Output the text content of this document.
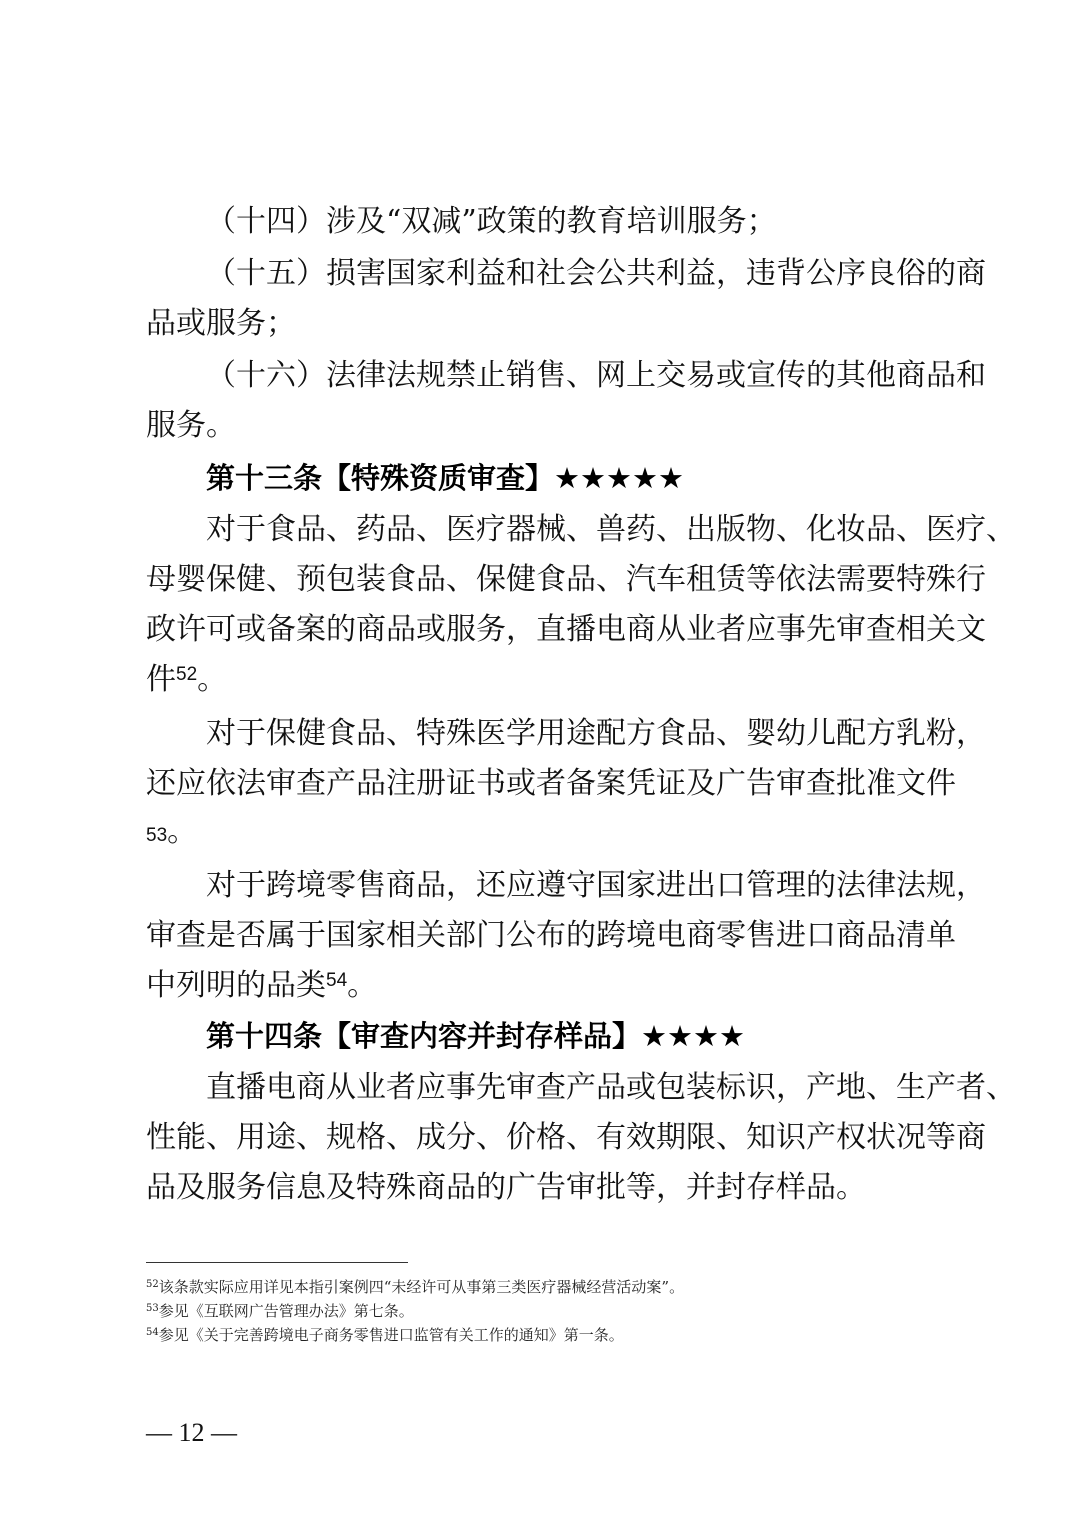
（十四）涉及“双减”政策的教育培训服务；
（十五）损害国家利益和社会公共利益，违背公序良俗的商
品或服务；
（十六）法律法规禁止销售、网上交易或宣传的其他商品和
服务。
第十三条【特殊资质审查】★★★★★
对于食品、药品、医疗器械、兽药、出版物、化妆品、医疗、
母婴保健、预包装食品、保健食品、汽车租赁等依法需要特殊行
政许可或备案的商品或服务，直播电商从业者应事先审查相关文
件$^{52}$。
对于保健食品、特殊医学用途配方食品、婴幼儿配方乳粉，
还应依法审查产品注册证书或者备案凭证及广告审查批准文件
53。
对于跨境零售商品，还应遵守国家进出口管理的法律法规，
审查是否属于国家相关部门公布的跨境电商零售进口商品清单
中列明的品类$^{54}$。
第十四条【审查内容并封存样品】★★★★
直播电商从业者应事先审查产品或包装标识，产地、生产者、
性能、用途、规格、成分、价格、有效期限、知识产权状况等商
品及服务信息及特殊商品的广告审批等，并封存样品。
$^{52}$该条款实际应用详见本指引案例四“未经许可从事第三类医疗器械经营活动案”。
$^{53}$参见《互联网广告管理办法》第七条。
$^{54}$参见《关于完善跨境电子商务零售进口监管有关工作的通知》第一条。
— 12 —
